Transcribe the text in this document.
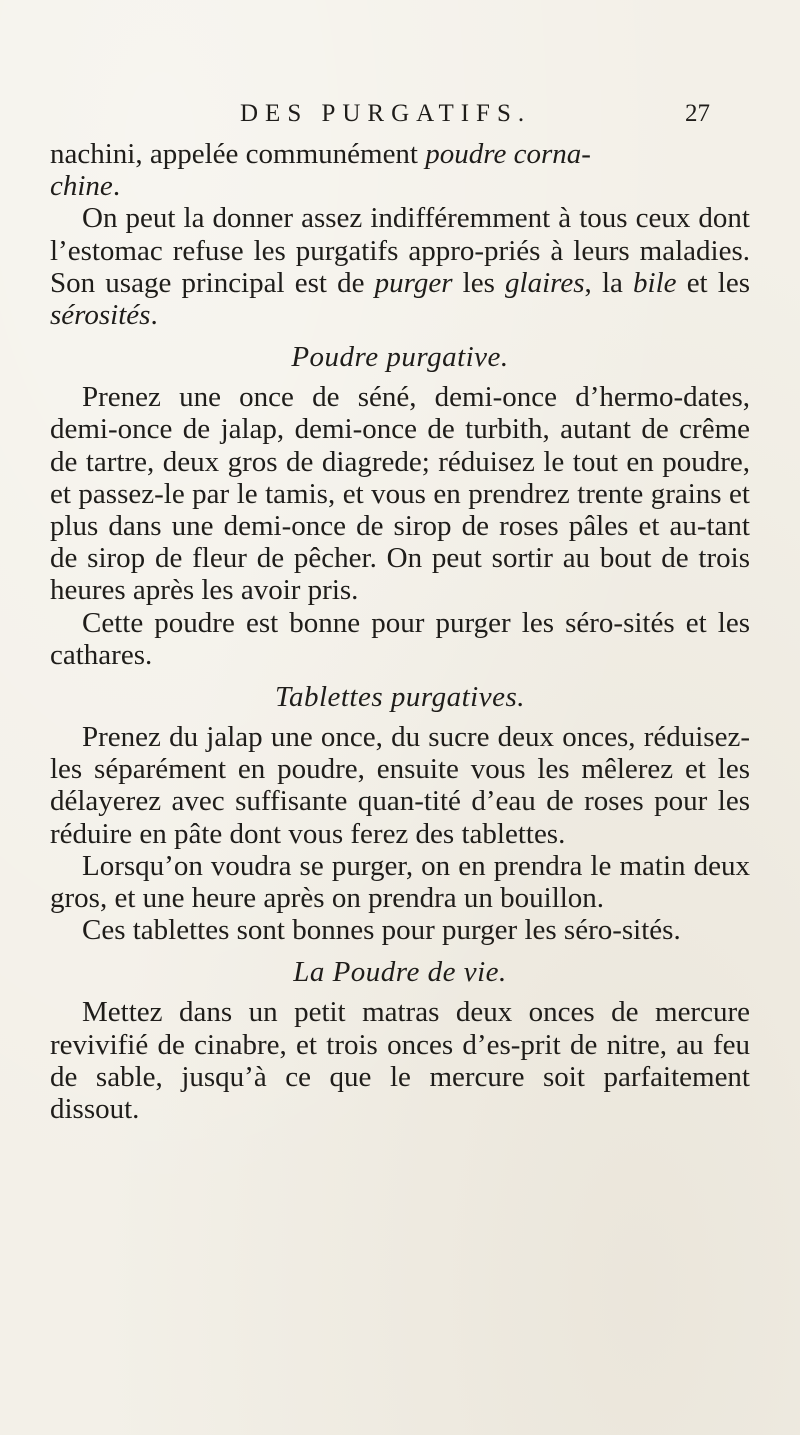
DES PURGATIFS.	27

nachini, appelée communément poudre corna-
chine.

On peut la donner assez indifféremment à tous ceux dont l’estomac refuse les purgatifs appro-priés à leurs maladies. Son usage principal est de purger les glaires, la bile et les sérosités.

Poudre purgative.

Prenez une once de séné, demi-once d’hermo-dates, demi-once de jalap, demi-once de turbith, autant de crême de tartre, deux gros de diagrede; réduisez le tout en poudre, et passez-le par le tamis, et vous en prendrez trente grains et plus dans une demi-once de sirop de roses pâles et au-tant de sirop de fleur de pêcher. On peut sortir au bout de trois heures après les avoir pris.

Cette poudre est bonne pour purger les séro-sités et les cathares.

Tablettes purgatives.

Prenez du jalap une once, du sucre deux onces, réduisez-les séparément en poudre, ensuite vous les mêlerez et les délayerez avec suffisante quan-tité d’eau de roses pour les réduire en pâte dont vous ferez des tablettes.

Lorsqu’on voudra se purger, on en prendra le matin deux gros, et une heure après on prendra un bouillon.

Ces tablettes sont bonnes pour purger les séro-sités.

La Poudre de vie.

Mettez dans un petit matras deux onces de mercure revivifié de cinabre, et trois onces d’es-prit de nitre, au feu de sable, jusqu’à ce que le mercure soit parfaitement dissout.
